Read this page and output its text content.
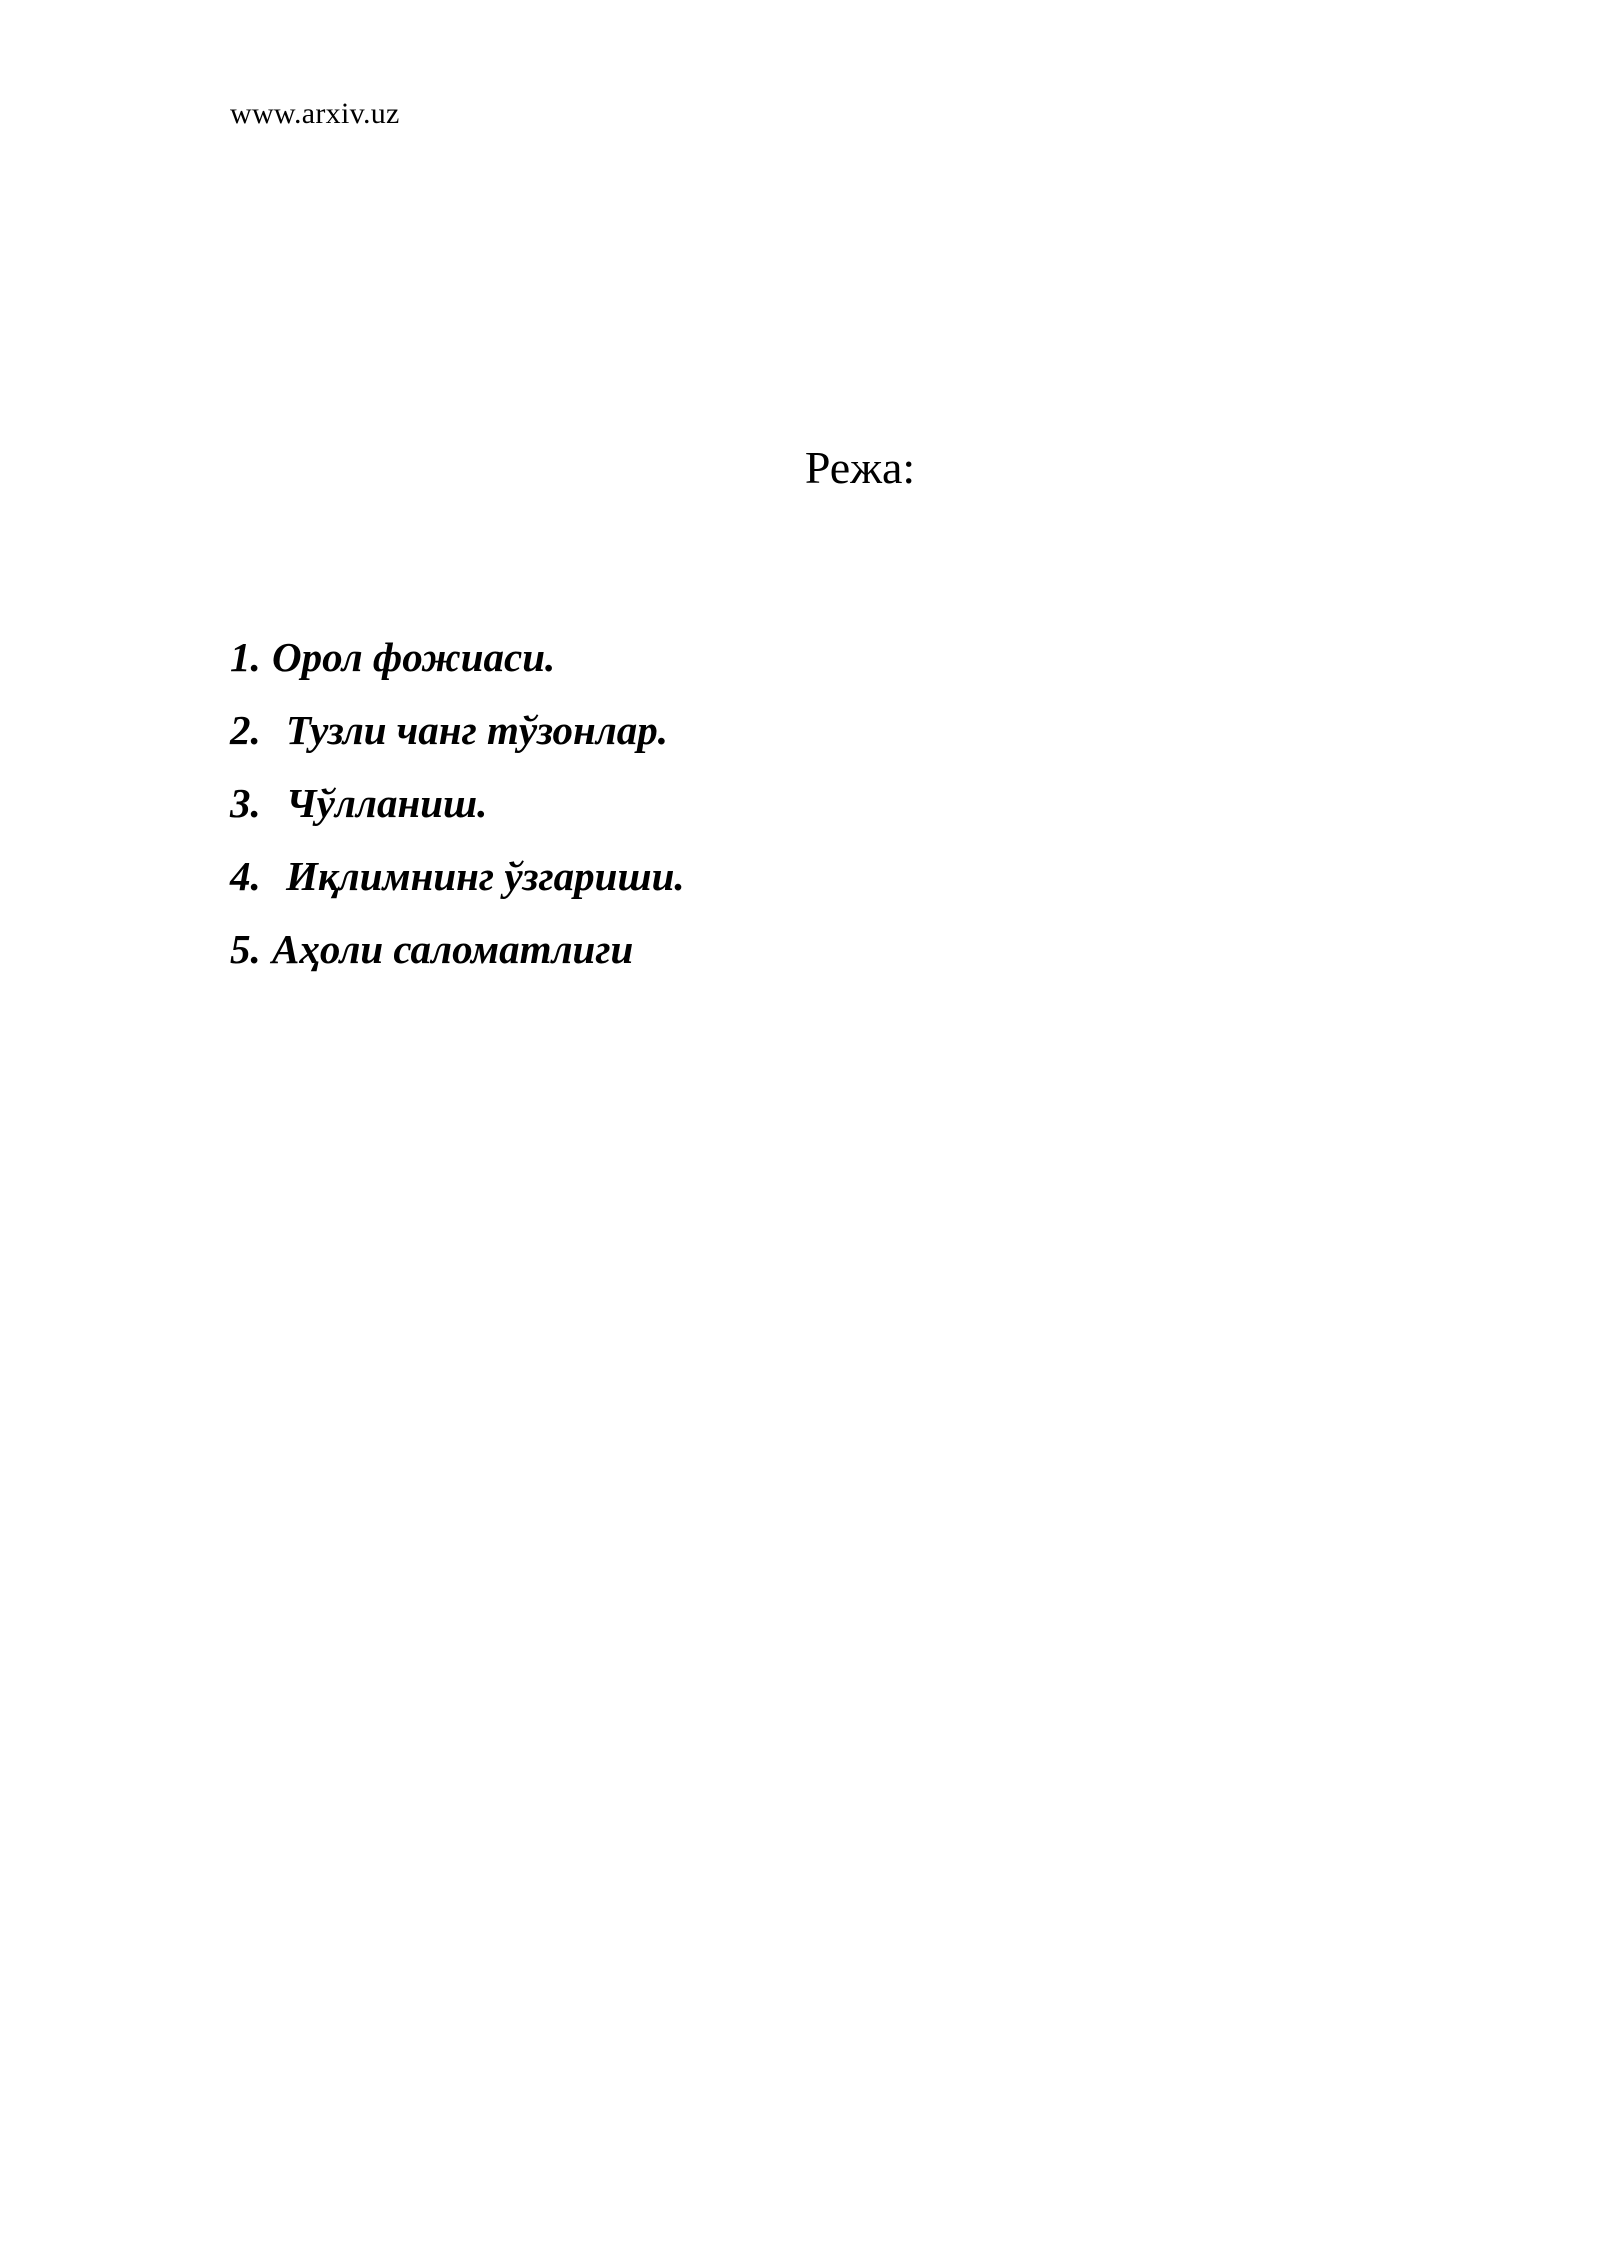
www.arxiv.uz
Режа:
1. Орол фожиаси.
2. Тузли чанг тўзонлар.
3. Чўлланиш.
4. Иқлимнинг ўзгариши.
5. Аҳоли саломатлиги
